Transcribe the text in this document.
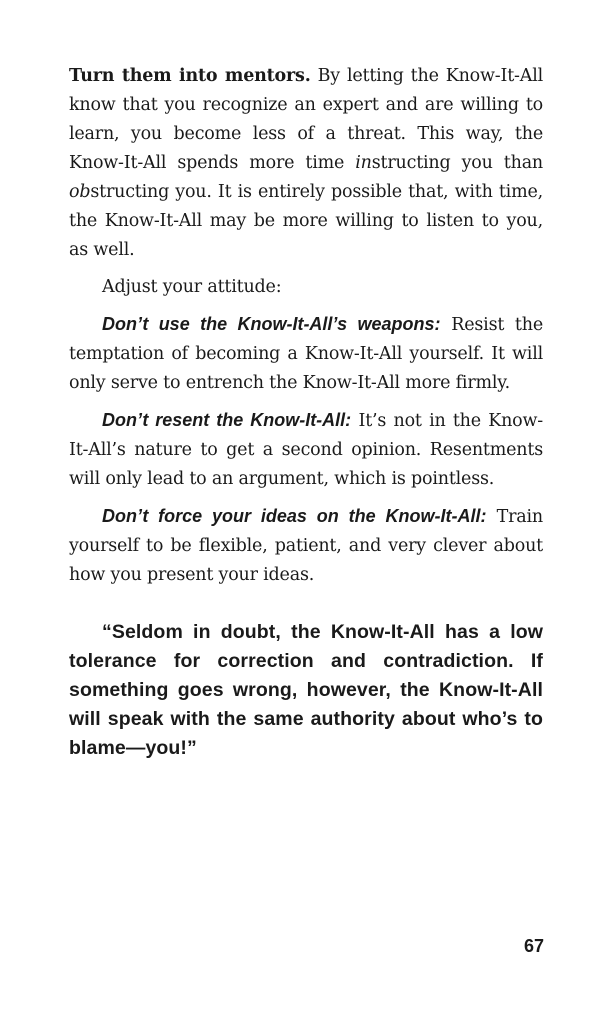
Turn them into mentors. By letting the Know-It-All know that you recognize an expert and are willing to learn, you become less of a threat. This way, the Know-It-All spends more time instructing you than obstructing you. It is entirely possible that, with time, the Know-It-All may be more willing to listen to you, as well.

Adjust your attitude:

Don’t use the Know-It-All’s weapons: Resist the temptation of becoming a Know-It-All yourself. It will only serve to entrench the Know-It-All more firmly.

Don’t resent the Know-It-All: It’s not in the Know-It-All’s nature to get a second opinion. Resentments will only lead to an argument, which is pointless.

Don’t force your ideas on the Know-It-All: Train yourself to be flexible, patient, and very clever about how you present your ideas.

“Seldom in doubt, the Know-It-All has a low tolerance for correction and contradiction. If something goes wrong, however, the Know-It-All will speak with the same authority about who’s to blame—you!”

67
